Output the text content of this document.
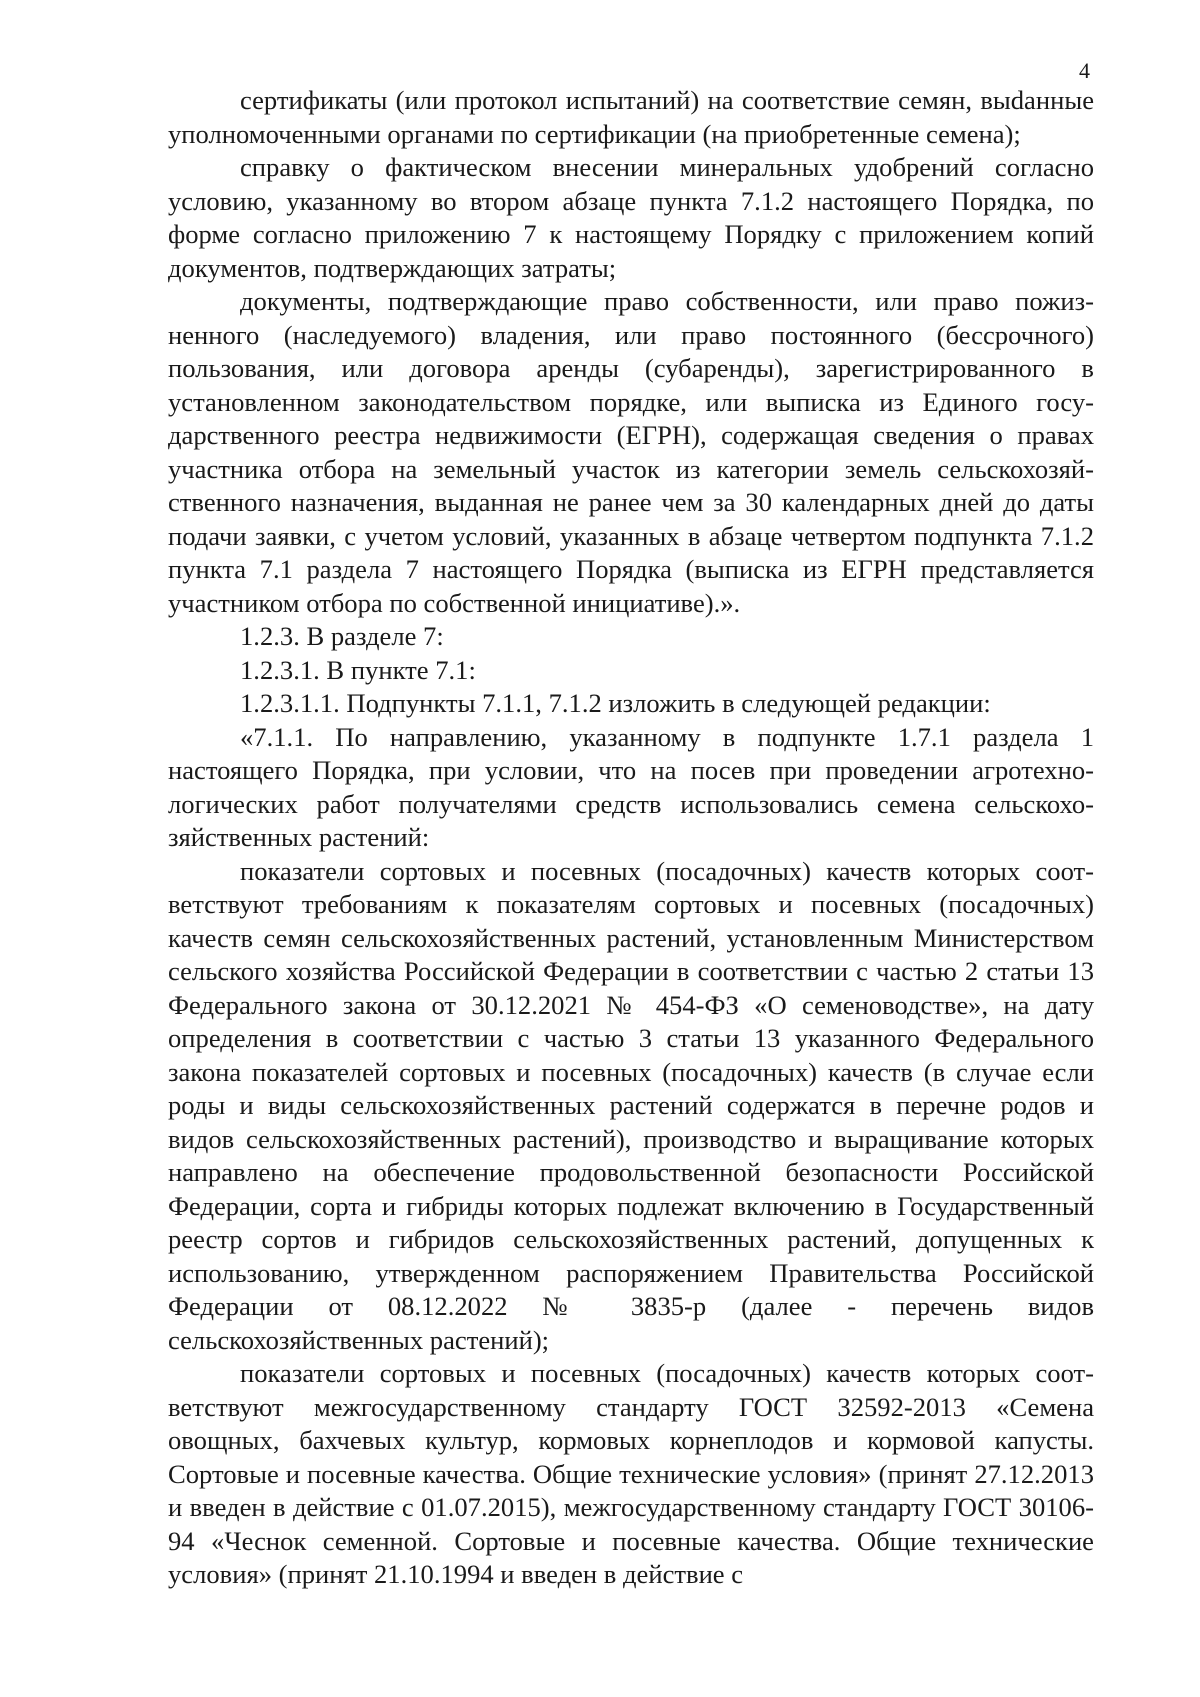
4

сертификаты (или протокол испытаний) на соответствие семян, выdанные уполномоченными органами по сертификации (на приобретенные семена);

справку о фактическом внесении минеральных удобрений согласно условию, указанному во втором абзаце пункта 7.1.2 настоящего Порядка, по форме согласно приложению 7 к настоящему Порядку с приложением копий документов, подтверждающих затраты;

документы, подтверждающие право собственности, или право пожизненного (наследуемого) владения, или право постоянного (бессрочного) пользования, или договора аренды (субаренды), зарегистрированного в установленном законодательством порядке, или выписка из Единого государственного реестра недвижимости (ЕГРН), содержащая сведения о правах участника отбора на земельный участок из категории земель сельскохозяйственного назначения, выданная не ранее чем за 30 календарных дней до даты подачи заявки, с учетом условий, указанных в абзаце четвертом подпункта 7.1.2 пункта 7.1 раздела 7 настоящего Порядка (выписка из ЕГРН представляется участником отбора по собственной инициативе).».

1.2.3. В разделе 7:

1.2.3.1. В пункте 7.1:

1.2.3.1.1. Подпункты 7.1.1, 7.1.2 изложить в следующей редакции:

«7.1.1. По направлению, указанному в подпункте 1.7.1 раздела 1 настоящего Порядка, при условии, что на посев при проведении агротехнологических работ получателями средств использовались семена сельскохозяйственных растений:

показатели сортовых и посевных (посадочных) качеств которых соответствуют требованиям к показателям сортовых и посевных (посадочных) качеств семян сельскохозяйственных растений, установленным Министерством сельского хозяйства Российской Федерации в соответствии с частью 2 статьи 13 Федерального закона от 30.12.2021 № 454-ФЗ «О семеноводстве», на дату определения в соответствии с частью 3 статьи 13 указанного Федерального закона показателей сортовых и посевных (посадочных) качеств (в случае если роды и виды сельскохозяйственных растений содержатся в перечне родов и видов сельскохозяйственных растений), производство и выращивание которых направлено на обеспечение продовольственной безопасности Российской Федерации, сорта и гибриды которых подлежат включению в Государственный реестр сортов и гибридов сельскохозяйственных растений, допущенных к использованию, утвержденном распоряжением Правительства Российской Федерации от 08.12.2022 № 3835-р (далее - перечень видов сельскохозяйственных растений);

показатели сортовых и посевных (посадочных) качеств которых соответствуют межгосударственному стандарту ГОСТ 32592-2013 «Семена овощных, бахчевых культур, кормовых корнеплодов и кормовой капусты. Сортовые и посевные качества. Общие технические условия» (принят 27.12.2013 и введен в действие с 01.07.2015), межгосударственному стандарту ГОСТ 30106-94 «Чеснок семенной. Сортовые и посевные качества. Общие технические условия» (принят 21.10.1994 и введен в действие с
